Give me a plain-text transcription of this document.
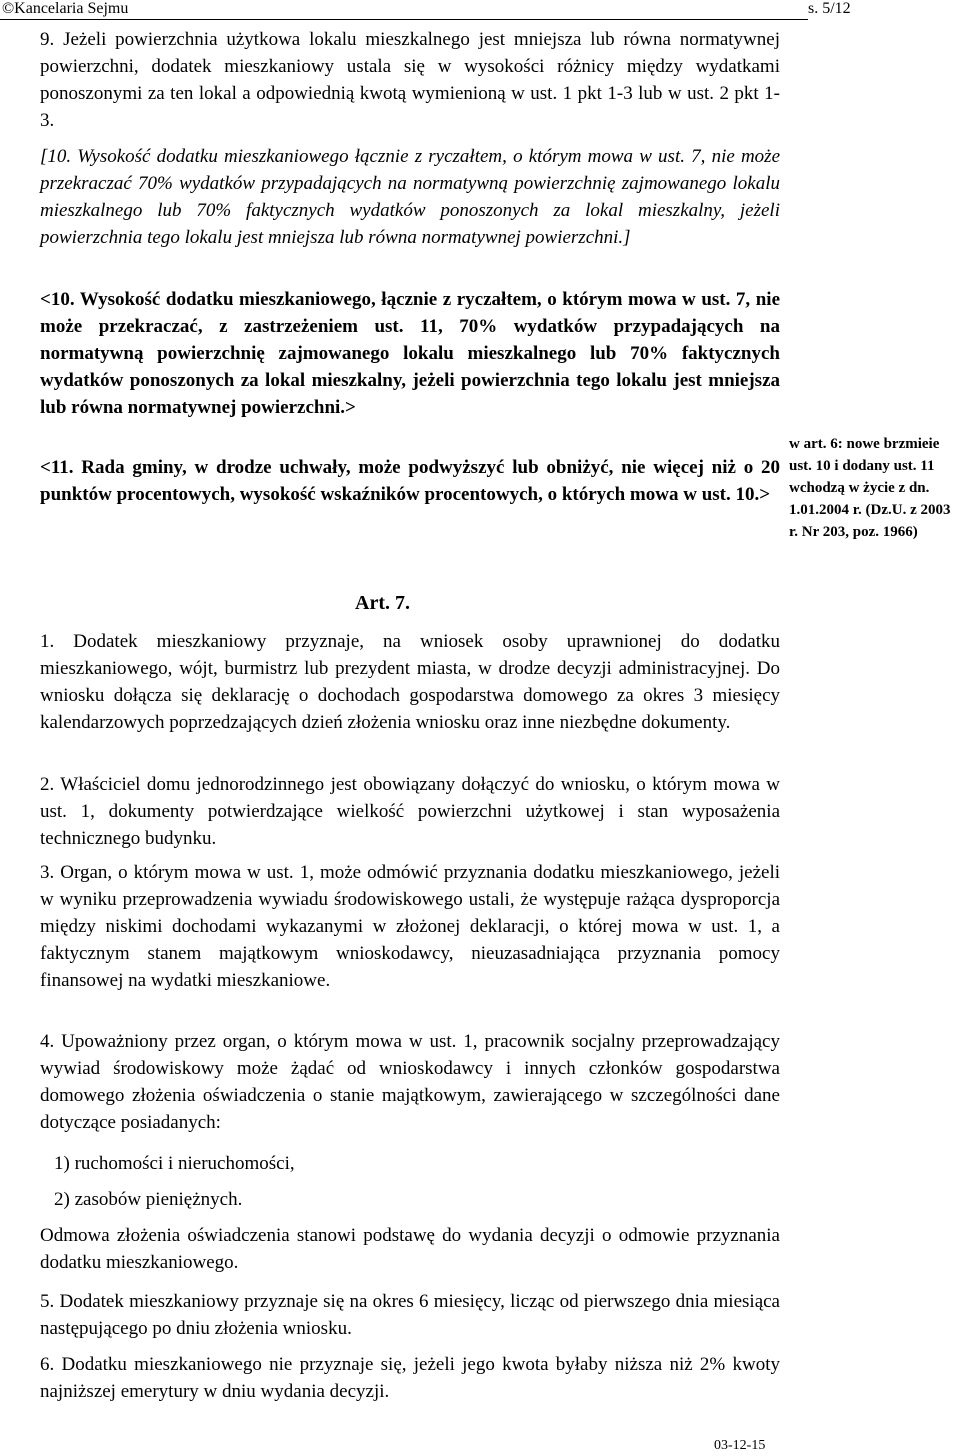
©Kancelaria Sejmu	s. 5/12

9. Jeżeli powierzchnia użytkowa lokalu mieszkalnego jest mniejsza lub równa normatywnej powierzchni, dodatek mieszkaniowy ustala się w wysokości różnicy między wydatkami ponoszonymi za ten lokal a odpowiednią kwotą wymienioną w ust. 1 pkt 1-3 lub w ust. 2 pkt 1-3.

[10. Wysokość dodatku mieszkaniowego łącznie z ryczałtem, o którym mowa w ust. 7, nie może przekraczać 70% wydatków przypadających na normatywną powierzchnię zajmowanego lokalu mieszkalnego lub 70% faktycznych wydatków ponoszonych za lokal mieszkalny, jeżeli powierzchnia tego lokalu jest mniejsza lub równa normatywnej powierzchni.]

<10. Wysokość dodatku mieszkaniowego, łącznie z ryczałtem, o którym mowa w ust. 7, nie może przekraczać, z zastrzeżeniem ust. 11, 70% wydatków przypadających na normatywną powierzchnię zajmowanego lokalu mieszkalnego lub 70% faktycznych wydatków ponoszonych za lokal mieszkalny, jeżeli powierzchnia tego lokalu jest mniejsza lub równa normatywnej powierzchni.>

<11. Rada gminy, w drodze uchwały, może podwyższyć lub obniżyć, nie więcej niż o 20 punktów procentowych, wysokość wskaźników procentowych, o których mowa w ust. 10.>

w art. 6: nowe brzmieie ust. 10 i dodany ust. 11 wchodzą w życie z dn. 1.01.2004 r. (Dz.U. z 2003 r. Nr 203, poz. 1966)

Art. 7.

1. Dodatek mieszkaniowy przyznaje, na wniosek osoby uprawnionej do dodatku mieszkaniowego, wójt, burmistrz lub prezydent miasta, w drodze decyzji administracyjnej. Do wniosku dołącza się deklarację o dochodach gospodarstwa domowego za okres 3 miesięcy kalendarzowych poprzedzających dzień złożenia wniosku oraz inne niezbędne dokumenty.

2. Właściciel domu jednorodzinnego jest obowiązany dołączyć do wniosku, o którym mowa w ust. 1, dokumenty potwierdzające wielkość powierzchni użytkowej i stan wyposażenia technicznego budynku.

3. Organ, o którym mowa w ust. 1, może odmówić przyznania dodatku mieszkaniowego, jeżeli w wyniku przeprowadzenia wywiadu środowiskowego ustali, że występuje rażąca dysproporcja między niskimi dochodami wykazanymi w złożonej deklaracji, o której mowa w ust. 1, a faktycznym stanem majątkowym wnioskodawcy, nieuzasadniająca przyznania pomocy finansowej na wydatki mieszkaniowe.

4. Upoważniony przez organ, o którym mowa w ust. 1, pracownik socjalny przeprowadzający wywiad środowiskowy może żądać od wnioskodawcy i innych członków gospodarstwa domowego złożenia oświadczenia o stanie majątkowym, zawierającego w szczególności dane dotyczące posiadanych:

1) ruchomości i nieruchomości,

2) zasobów pieniężnych.

Odmowa złożenia oświadczenia stanowi podstawę do wydania decyzji o odmowie przyznania dodatku mieszkaniowego.

5. Dodatek mieszkaniowy przyznaje się na okres 6 miesięcy, licząc od pierwszego dnia miesiąca następującego po dniu złożenia wniosku.

6. Dodatku mieszkaniowego nie przyznaje się, jeżeli jego kwota byłaby niższa niż 2% kwoty najniższej emerytury w dniu wydania decyzji.

03-12-15
